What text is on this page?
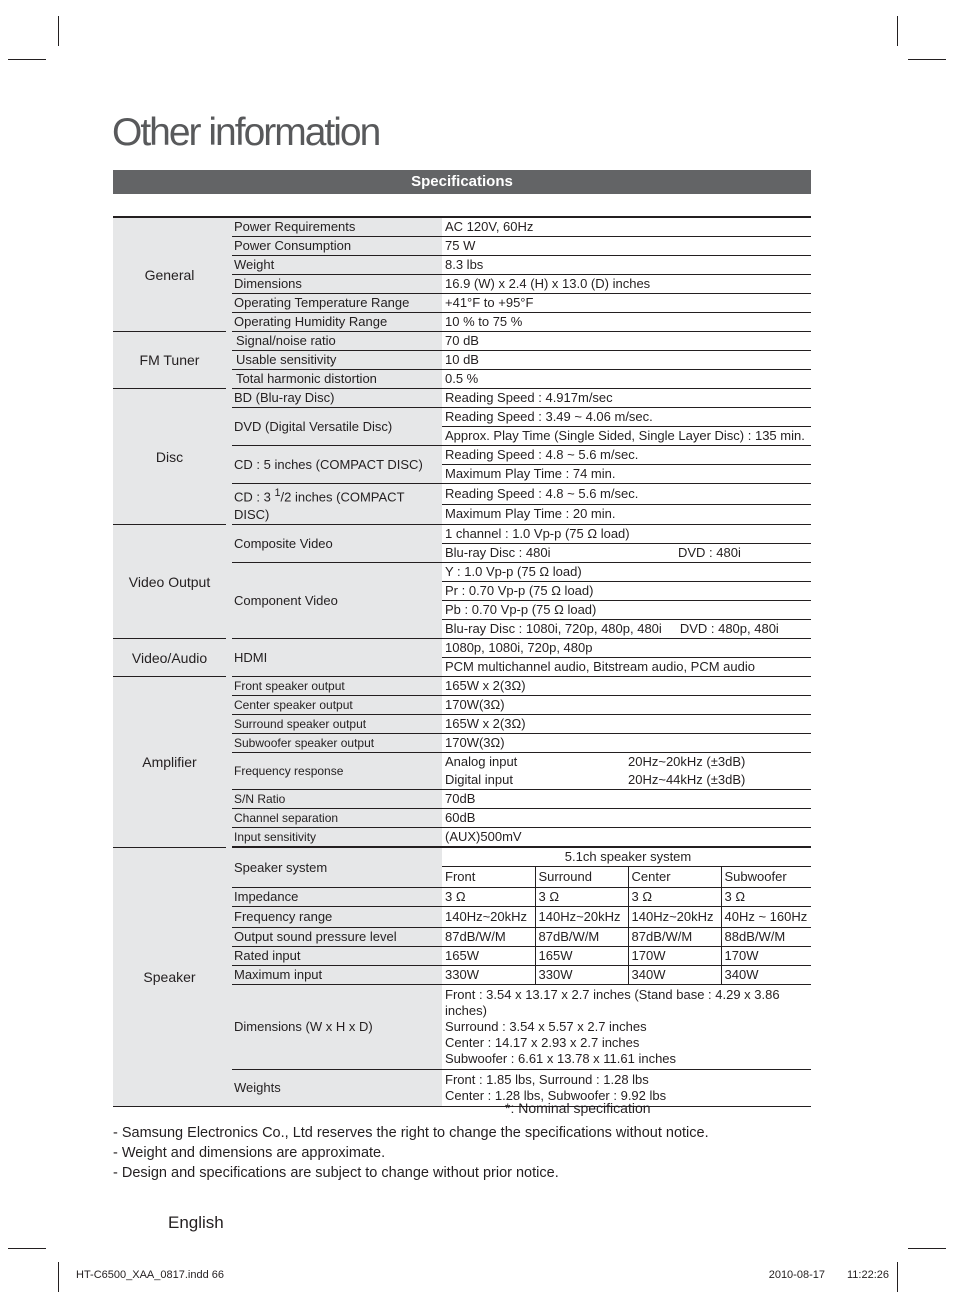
Other information
Specifications
General		Power Requirements	AC 120V, 60Hz			
		Power Consumption	75 W			
		Weight	8.3 lbs			
		Dimensions	16.9 (W) x 2.4 (H) x 13.0 (D) inches			
		Operating Temperature Range	+41°F to +95°F			
		Operating Humidity Range	10 % to 75 %			
FM Tuner		Signal/noise ratio	70 dB			
		Usable sensitivity	10 dB			
		Total harmonic distortion	0.5 %			
Disc		BD (Blu-ray Disc)	Reading Speed : 4.917m/sec			
		DVD (Digital Versatile Disc)	Reading Speed : 3.49 ~ 4.06 m/sec.			
			Approx. Play Time (Single Sided, Single Layer Disc) : 135 min.			
		CD : 5 inches (COMPACT DISC)	Reading Speed : 4.8 ~ 5.6 m/sec.			
			Maximum Play Time : 74 min.			
		CD : 3 $^1$/2 inches (COMPACT DISC)	Reading Speed : 4.8 ~ 5.6 m/sec.			
			Maximum Play Time : 20 min.			
Video Output		Composite Video	1 channel : 1.0 Vp-p (75 Ω load)			
			Blu-ray Disc : 480i		DVD : 480i	
		Component Video	Y : 1.0 Vp-p (75 Ω load)			
			Pr : 0.70 Vp-p (75 Ω load)			
			Pb : 0.70 Vp-p (75 Ω load)			
			Blu-ray Disc : 1080i, 720p, 480p, 480i DVD : 480p, 480i			
Video/Audio		HDMI	1080p, 1080i, 720p, 480p			
			PCM multichannel audio, Bitstream audio, PCM audio			
Amplifier		Front speaker output	165W x 2(3Ω)			
		Center speaker output	170W(3Ω)			
		Surround speaker output	165W x 2(3Ω)			
		Subwoofer speaker output	170W(3Ω)			
		Frequency response	Analog input		20Hz~20kHz (±3dB)	
			Digital input		20Hz~44kHz (±3dB)	
		S/N Ratio	70dB			
		Channel separation	60dB			
		Input sensitivity	(AUX)500mV			
Speaker		Speaker system	5.1ch speaker system			
			Front	Surround	Center	Subwoofer
		Impedance	3 Ω	3 Ω	3 Ω	3 Ω
		Frequency range	140Hz~20kHz	140Hz~20kHz	140Hz~20kHz	40Hz ~ 160Hz
		Output sound pressure level	87dB/W/M	87dB/W/M	87dB/W/M	88dB/W/M
		Rated input	165W	165W	170W	170W
		Maximum input	330W	330W	340W	340W
		Dimensions (W x H x D)	Front : 3.54 x 13.17 x 2.7 inches (Stand base : 4.29 x 3.86 inches)
Surround : 3.54 x 5.57 x 2.7 inches
Center : 14.17 x 2.93 x 2.7 inches
Subwoofer : 6.61 x 13.78 x 11.61 inches			

		Weights	Front : 1.85 lbs, Surround : 1.28 lbs
Center : 1.28 lbs, Subwoofer : 9.92 lbs			
*: Nominal specification
- Samsung Electronics Co., Ltd reserves the right to change the specifications without notice.
- Weight and dimensions are approximate.
- Design and specifications are subject to change without prior notice.
English
HT-C6500_XAA_0817.indd 66	2010-08-17 11:22:26
